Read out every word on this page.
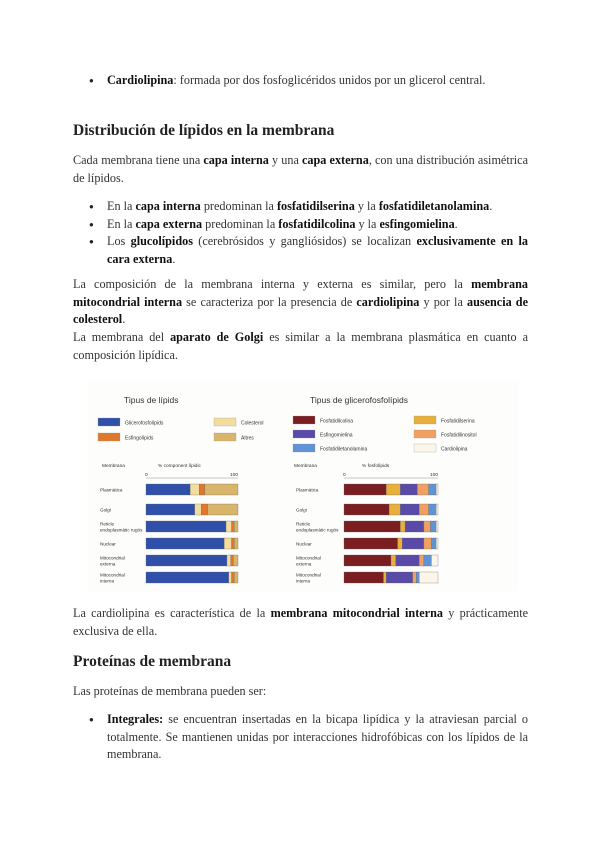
● Cardiolipina: formada por dos fosfoglicéridos unidos por un glicerol central.
Distribución de lípidos en la membrana
Cada membrana tiene una capa interna y una capa externa, con una distribución asimétrica de lípidos.
● En la capa interna predominan la fosfatidilserina y la fosfatidiletanolamina.
● En la capa externa predominan la fosfatidilcolina y la esfingomielina.
● Los glucolípidos (cerebrósidos y gangliósidos) se localizan exclusivamente en la cara externa.
La composición de la membrana interna y externa es similar, pero la membrana mitocondrial interna se caracteriza por la presencia de cardiolipina y por la ausencia de colesterol.
La membrana del aparato de Golgi es similar a la membrana plasmática en cuanto a composición lipídica.
Tipus de lípids	Tipus de glicerofosfolípids
Glicerofosfolípids	Colesterol
Esfingolípids	Altres
Fosfatidilcolina	Fosfatidilserina
Esfingomielina	Fosfatidilinositol
Fosfatidiletanolamina	Cardiolipina
Membrana	Membrana
% component lípidic	% fosfolípids
0	100	0	100
Plasmàtica
Golgi
Reticle
endoplasmàtic rugós
Nuclear
Mitocondrial
externa
Mitocondrial
interna
Plasmàtica
Golgi
Reticle
endoplasmàtic rugós
Nuclear
Mitocondrial
externa
Mitocondrial
interna
La cardiolipina es característica de la membrana mitocondrial interna y prácticamente exclusiva de ella.
Proteínas de membrana
Las proteínas de membrana pueden ser:
● Integrales: se encuentran insertadas en la bicapa lipídica y la atraviesan parcial o totalmente. Se mantienen unidas por interacciones hidrofóbicas con los lípidos de la membrana.
